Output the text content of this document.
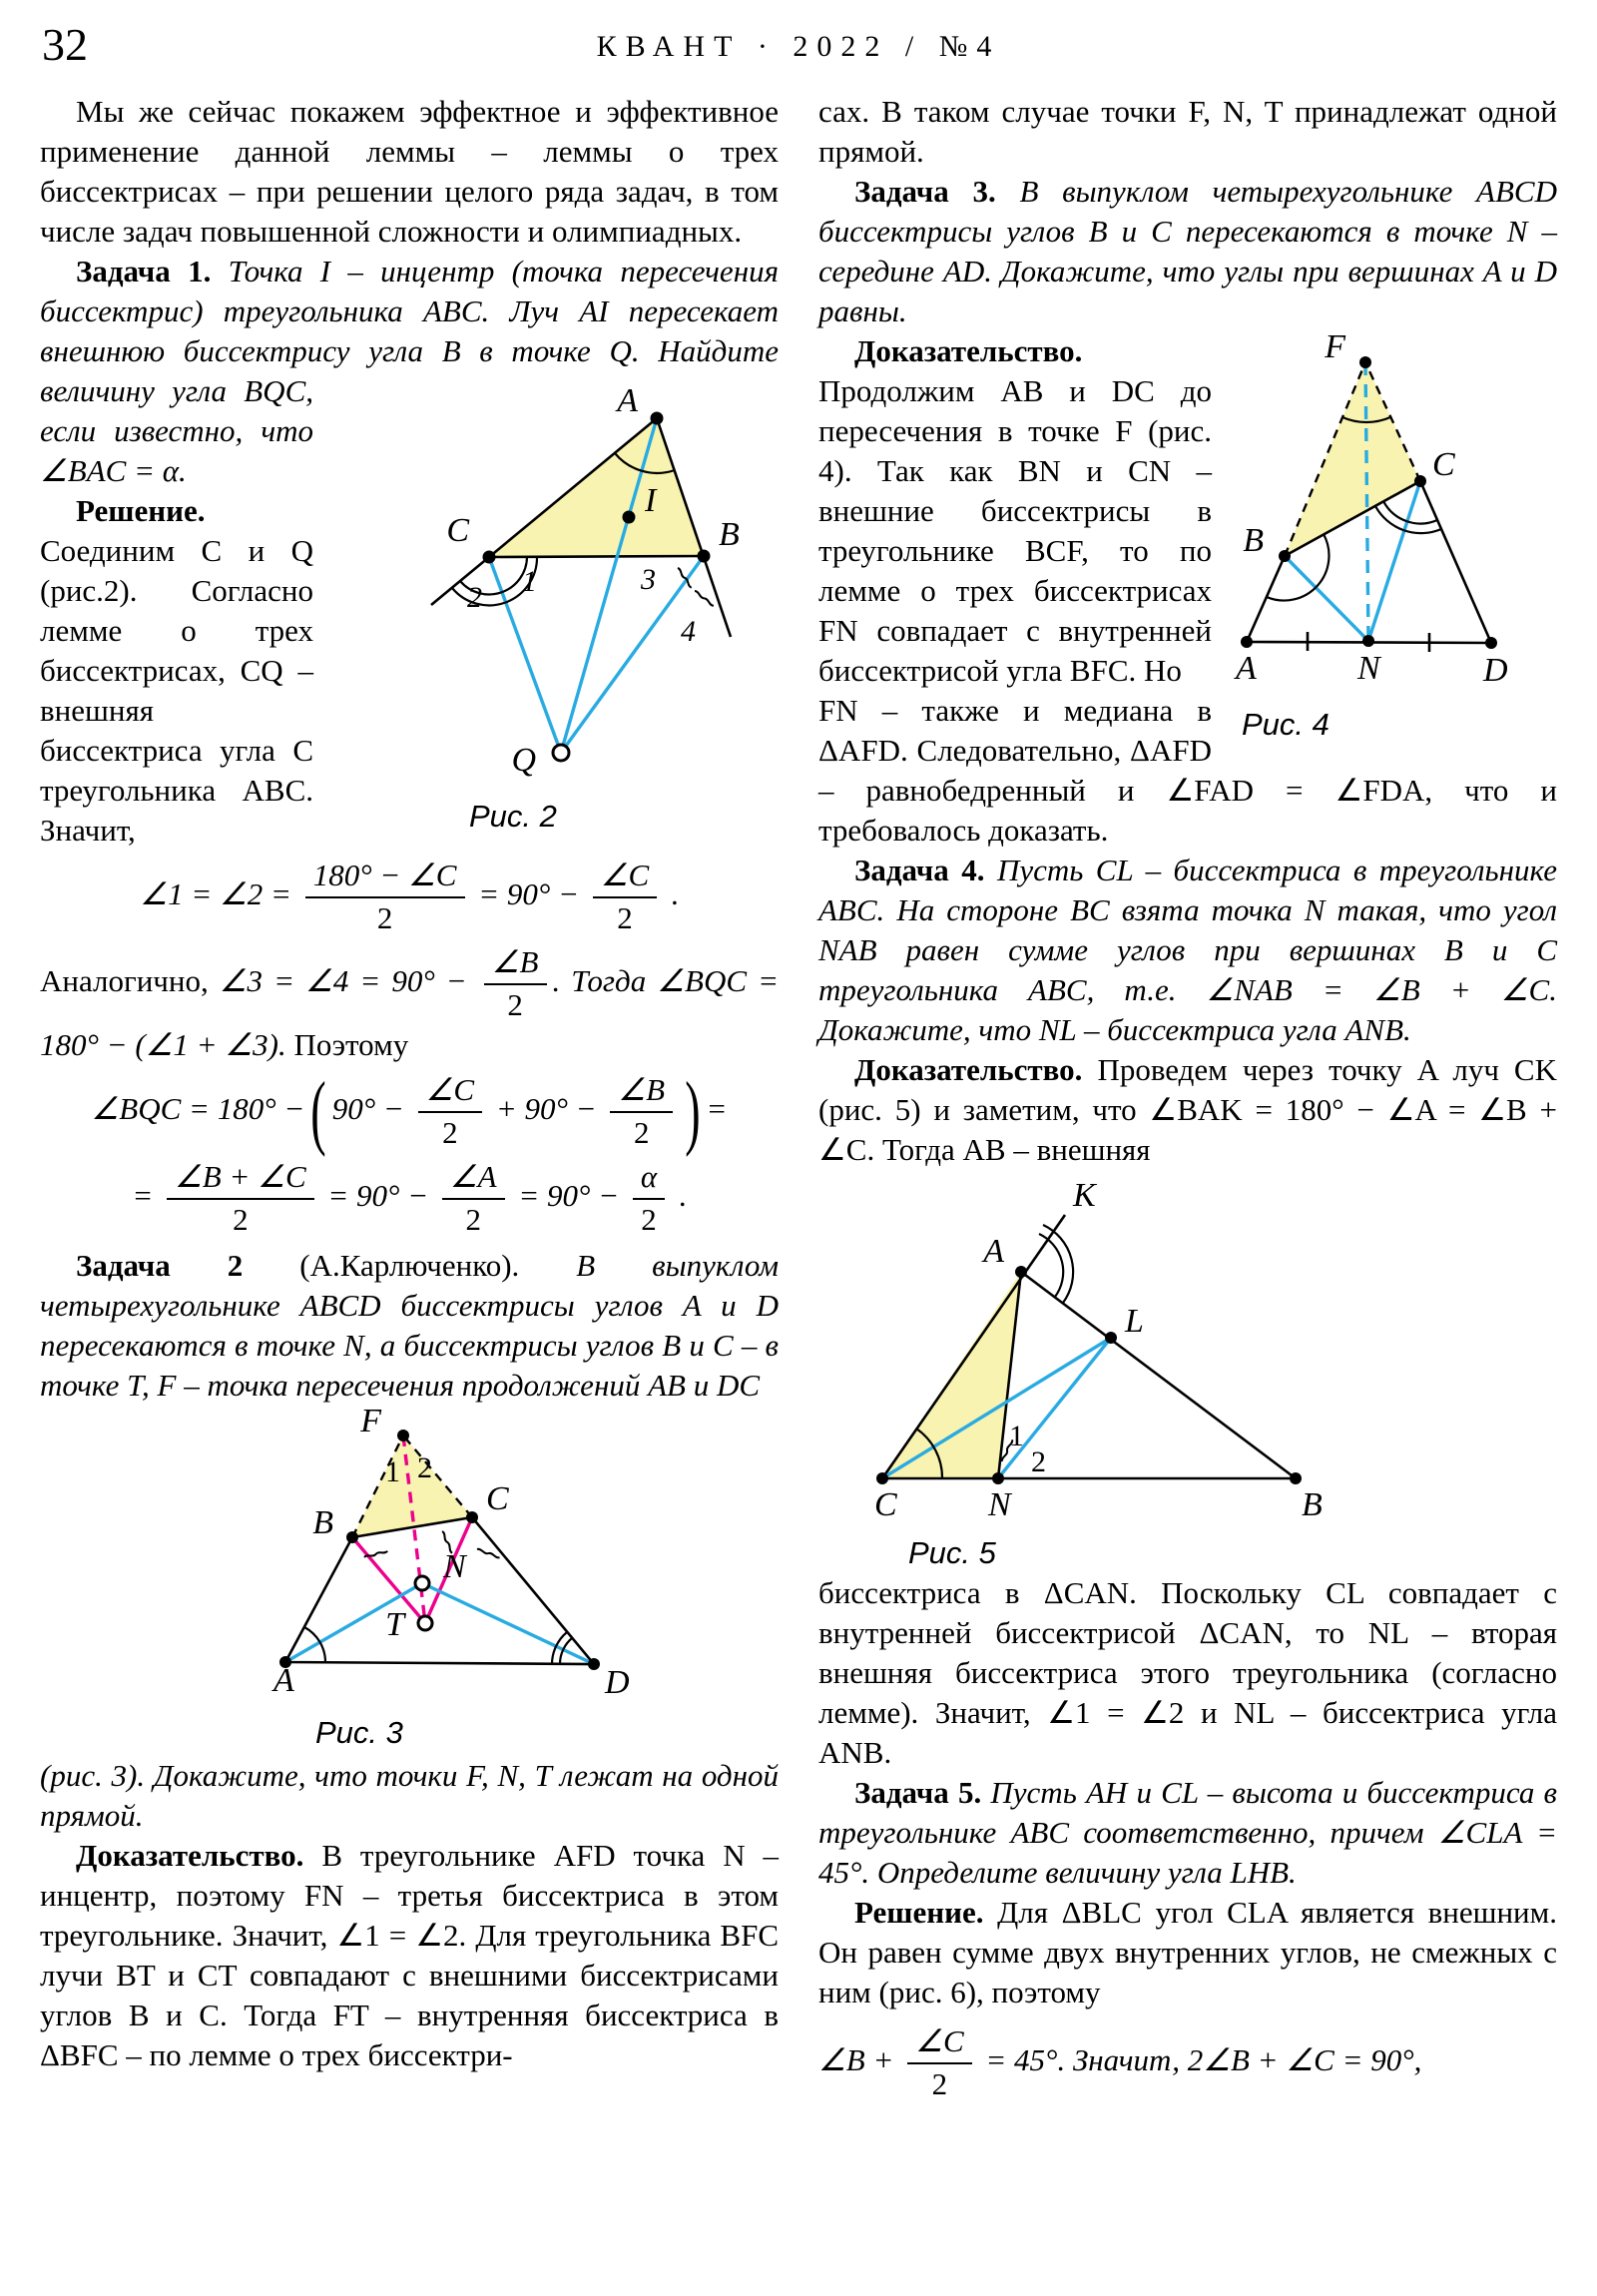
32	КВАНТ · 2022 / №4

Мы же сейчас покажем эффектное и эффективное применение данной леммы – леммы о трех биссектрисах – при решении целого ряда задач, в том числе задач повышенной сложности и олимпиадных.

Задача 1. Точка I – инцентр (точка пересечения биссектрис) треугольника ABC. Луч AI пересекает внешнюю биссектрису
A
C	B
I
Q
1
2
3
4
Рис. 2
угла B в точке Q. Найдите величину угла BQC, если известно, что ∠BAC = α.

Решение. Соединим C и Q (рис.2). Согласно лемме о трех биссектрисах, CQ – внешняя биссектриса угла C треугольника ABC. Значит,

∠1 = ∠2 = $\frac{180^\circ - \angle C}{2} = 90^\circ - \frac{\angle C}{2}$ .

Аналогично, ∠3 = ∠4 = $90^\circ - \frac{\angle B}{2}$ . Тогда ∠BQC = 180° − (∠1 + ∠3). Поэтому

∠BQC = 180° − ( $90^\circ - \frac{\angle C}{2} + 90^\circ - \frac{\angle B}{2}$ ) =
= $\frac{\angle B + \angle C}{2} = 90^\circ - \frac{\angle A}{2} = 90^\circ - \frac{\alpha}{2}$ .

Задача 2 (А.Карлюченко). В выпуклом четырехугольнике ABCD биссектрисы углов A и D пересекаются в точке N, а биссектрисы углов B и C – в точке T, F – точка пересечения продолжений AB и DC

F
B
C
N
T
A	D
1 2
Рис. 3

(рис. 3). Докажите, что точки F, N, T лежат на одной прямой.

Доказательство. В треугольнике AFD точка N – инцентр, поэтому FN – третья биссектриса в этом треугольнике. Значит, ∠1 = ∠2. Для треугольника BFC лучи BT и CT совпадают с внешними биссектрисами углов B и C. Тогда FT – внутренняя биссектриса в ΔBFC – по лемме о трех биссектри-

сах. В таком случае точки F, N, T принадлежат одной прямой.

Задача 3. В выпуклом четырехугольнике ABCD биссектрисы углов B и C пересекаются в точке N – середине AD. Докажите, что углы при вершинах A и D равны.

F
B
C
A	N	D
Рис. 4
Доказательство. Продолжим AB и DC до пересечения в точке F (рис. 4). Так как BN и CN – внешние биссектрисы в треугольнике BCF, то по лемме о трех биссектрисах FN совпадает с внутренней биссектрисой угла BFC. Но

FN – также и медиана в ΔAFD. Следовательно, ΔAFD – равнобедренный и ∠FAD = ∠FDA, что и требовалось доказать.

Задача 4. Пусть CL – биссектриса в треугольнике ABC. На стороне BC взята точка N такая, что угол NAB равен сумме углов при вершинах B и C треугольника ABC, т.е. ∠NAB = ∠B + ∠C. Докажите, что NL – биссектриса угла ANB.

Доказательство. Проведем через точку A луч CK (рис. 5) и заметим, что ∠BAK = 180° − ∠A = ∠B + ∠C. Тогда AB – внешняя

K
A
L
C	N	B
1
2
Рис. 5

биссектриса в ΔCAN. Поскольку CL совпадает с внутренней биссектрисой ΔCAN, то NL – вторая внешняя биссектриса этого треугольника (согласно лемме). Значит, ∠1 = ∠2 и NL – биссектриса угла ANB.

Задача 5. Пусть AH и CL – высота и биссектриса в треугольнике ABC соответственно, причем ∠CLA = 45°. Определите величину угла LHB.

Решение. Для ΔBLC угол CLA является внешним. Он равен сумме двух внутренних углов, не смежных с ним (рис. 6), поэтому

∠B + $\frac{\angle C}{2} = 45^\circ$. Значит, 2∠B + ∠C = 90°,
